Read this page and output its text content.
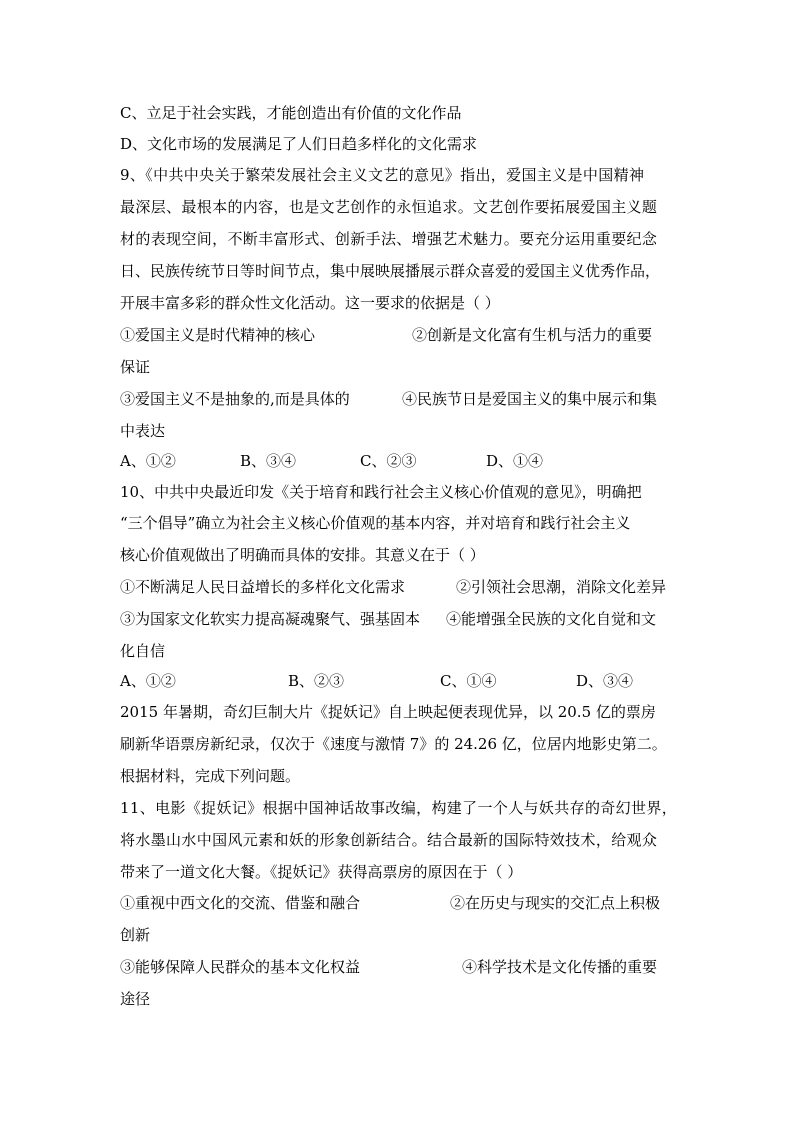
C、立足于社会实践，才能创造出有价值的文化作品
D、文化市场的发展满足了人们日趋多样化的文化需求
9、《中共中央关于繁荣发展社会主义文艺的意见》指出，爱国主义是中国精神
最深层、最根本的内容，也是文艺创作的永恒追求。文艺创作要拓展爱国主义题
材的表现空间，不断丰富形式、创新手法、增强艺术魅力。要充分运用重要纪念
日、民族传统节日等时间节点，集中展映展播展示群众喜爱的爱国主义优秀作品，
开展丰富多彩的群众性文化活动。这一要求的依据是（ ）
①爱国主义是时代精神的核心	②创新是文化富有生机与活力的重要
保证
③爱国主义不是抽象的,而是具体的	④民族节日是爱国主义的集中展示和集
中表达
A、①②	B、③④	C、②③	D、①④
10、中共中央最近印发《关于培育和践行社会主义核心价值观的意见》，明确把
“三个倡导”确立为社会主义核心价值观的基本内容，并对培育和践行社会主义
核心价值观做出了明确而具体的安排。其意义在于（ ）
①不断满足人民日益增长的多样化文化需求	②引领社会思潮，消除文化差异
③为国家文化软实力提高凝魂聚气、强基固本 ④能增强全民族的文化自觉和文
化自信
A、①②	B、②③	C、①④	D、③④
2015 年暑期，奇幻巨制大片《捉妖记》自上映起便表现优异，以 20.5 亿的票房
刷新华语票房新纪录，仅次于《速度与激情 7》的 24.26 亿，位居内地影史第二。
根据材料，完成下列问题。
11、电影《捉妖记》根据中国神话故事改编，构建了一个人与妖共存的奇幻世界，
将水墨山水中国风元素和妖的形象创新结合。结合最新的国际特效技术，给观众
带来了一道文化大餐。《捉妖记》获得高票房的原因在于（ ）
①重视中西文化的交流、借鉴和融合	②在历史与现实的交汇点上积极
创新
③能够保障人民群众的基本文化权益	④科学技术是文化传播的重要
途径
